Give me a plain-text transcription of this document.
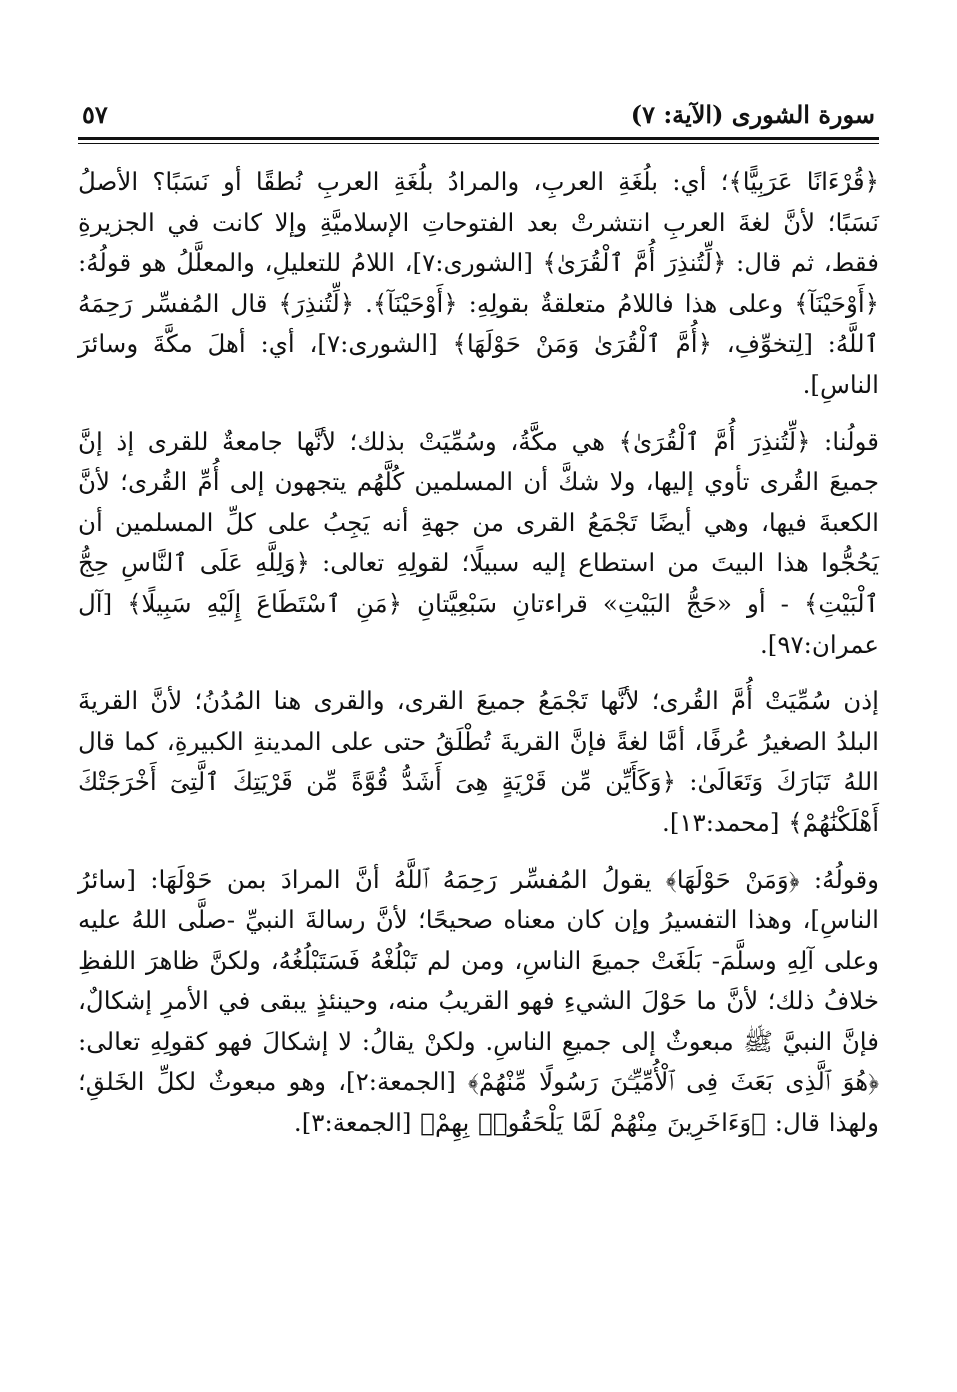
سورة الشورى (الآية: ٧)
٥٧

﴿قُرْءَانًا عَرَبِيًّا﴾؛ أي: بلُغَةِ العربِ، والمرادُ بلُغَةِ العربِ نُطقًا أو نَسَبًا؟ الأصلُ نَسَبًا؛ لأنَّ لغةَ العربِ انتشرتْ بعد الفتوحاتِ الإسلاميَّةِ وإلا كانت في الجزيرةِ فقط، ثم قال: ﴿لِّتُنذِرَ أُمَّ ٱلْقُرَىٰ﴾ [الشورى:٧]، اللامُ للتعليلِ، والمعلَّلُ هو قولُهُ: ﴿أَوْحَيْنَآ﴾ وعلى هذا فاللامُ متعلقةٌ بقولِهِ: ﴿أَوْحَيْنَآ﴾. ﴿لِّتُنذِرَ﴾ قال المُفسِّر رَحِمَهُ ٱللَّهُ: [لِتخوِّفِ، ﴿أُمَّ ٱلْقُرَىٰ وَمَنْ حَوْلَهَا﴾ [الشورى:٧]، أي: أهلَ مكَّةَ وسائرَ الناسِ].

قولُنا: ﴿لِّتُنذِرَ أُمَّ ٱلْقُرَىٰ﴾ هي مكَّةُ، وسُمِّيَتْ بذلك؛ لأنَّها جامعةٌ للقرى إذ إنَّ جميعَ القُرى تأوي إليها، ولا شكَّ أن المسلمين كُلَّهُم يتجهون إلى أُمِّ القُرى؛ لأنَّ الكعبةَ فيها، وهي أيضًا تَجْمَعُ القرى من جهةِ أنه يَجِبُ على كلِّ المسلمين أن يَحُجُّوا هذا البيتَ من استطاع إليه سبيلًا؛ لقولِهِ تعالى: ﴿وَلِلَّهِ عَلَى ٱلنَّاسِ حِجُّ ٱلْبَيْتِ﴾ - أو «حَجُّ البَيْتِ» قراءتانِ سَبْعِيَّتانِ ﴿مَنِ ٱسْتَطَاعَ إِلَيْهِ سَبِيلًا﴾ [آل عمران:٩٧].

إذن سُمِّيَتْ أُمَّ القُرى؛ لأنَّها تَجْمَعُ جميعَ القرى، والقرى هنا المُدُنُ؛ لأنَّ القريةَ البلدُ الصغيرُ عُرفًا، أمَّا لغةً فإنَّ القريةَ تُطْلَقُ حتى على المدينةِ الكبيرةِ، كما قال اللهُ تَبَارَكَ وَتَعَالَىٰ: ﴿وَكَأَيِّن مِّن قَرْيَةٍ هِىَ أَشَدُّ قُوَّةً مِّن قَرْيَتِكَ ٱلَّتِىٓ أَخْرَجَتْكَ أَهْلَكْنَٰهُمْ﴾ [محمد:١٣].

وقولُهُ: ﴿وَمَنْ حَوْلَهَا﴾ يقولُ المُفسِّر رَحِمَهُ ٱللَّهُ أنَّ المرادَ بمن حَوْلَهَا: [سائرُ الناسِ]، وهذا التفسيرُ وإن كان معناه صحيحًا؛ لأنَّ رسالةَ النبيِّ -صلَّى اللهُ عليه وعلى آلِهِ وسلَّمَ- بَلَغَتْ جميعَ الناسِ، ومن لم تَبْلُغْهُ فَسَتَبْلُغُهُ، ولكنَّ ظاهرَ اللفظِ خلافُ ذلك؛ لأنَّ ما حَوْلَ الشيءِ فهو القريبُ منه، وحينئذٍ يبقى في الأمرِ إشكالٌ، فإنَّ النبيَّ ﷺ مبعوثٌ إلى جميعِ الناسِ. ولكنْ يقالُ: لا إشكالَ فهو كقولِهِ تعالى: ﴿هُوَ ٱلَّذِى بَعَثَ فِى ٱلْأُمِّيِّـۧنَ رَسُولًا مِّنْهُمْ﴾ [الجمعة:٢]، وهو مبعوثٌ لكلِّ الخَلقِ؛ ولهذا قال: ﴿وَءَاخَرِينَ مِنْهُمْ لَمَّا يَلْحَقُوا۟ بِهِمْ﴾ [الجمعة:٣].
